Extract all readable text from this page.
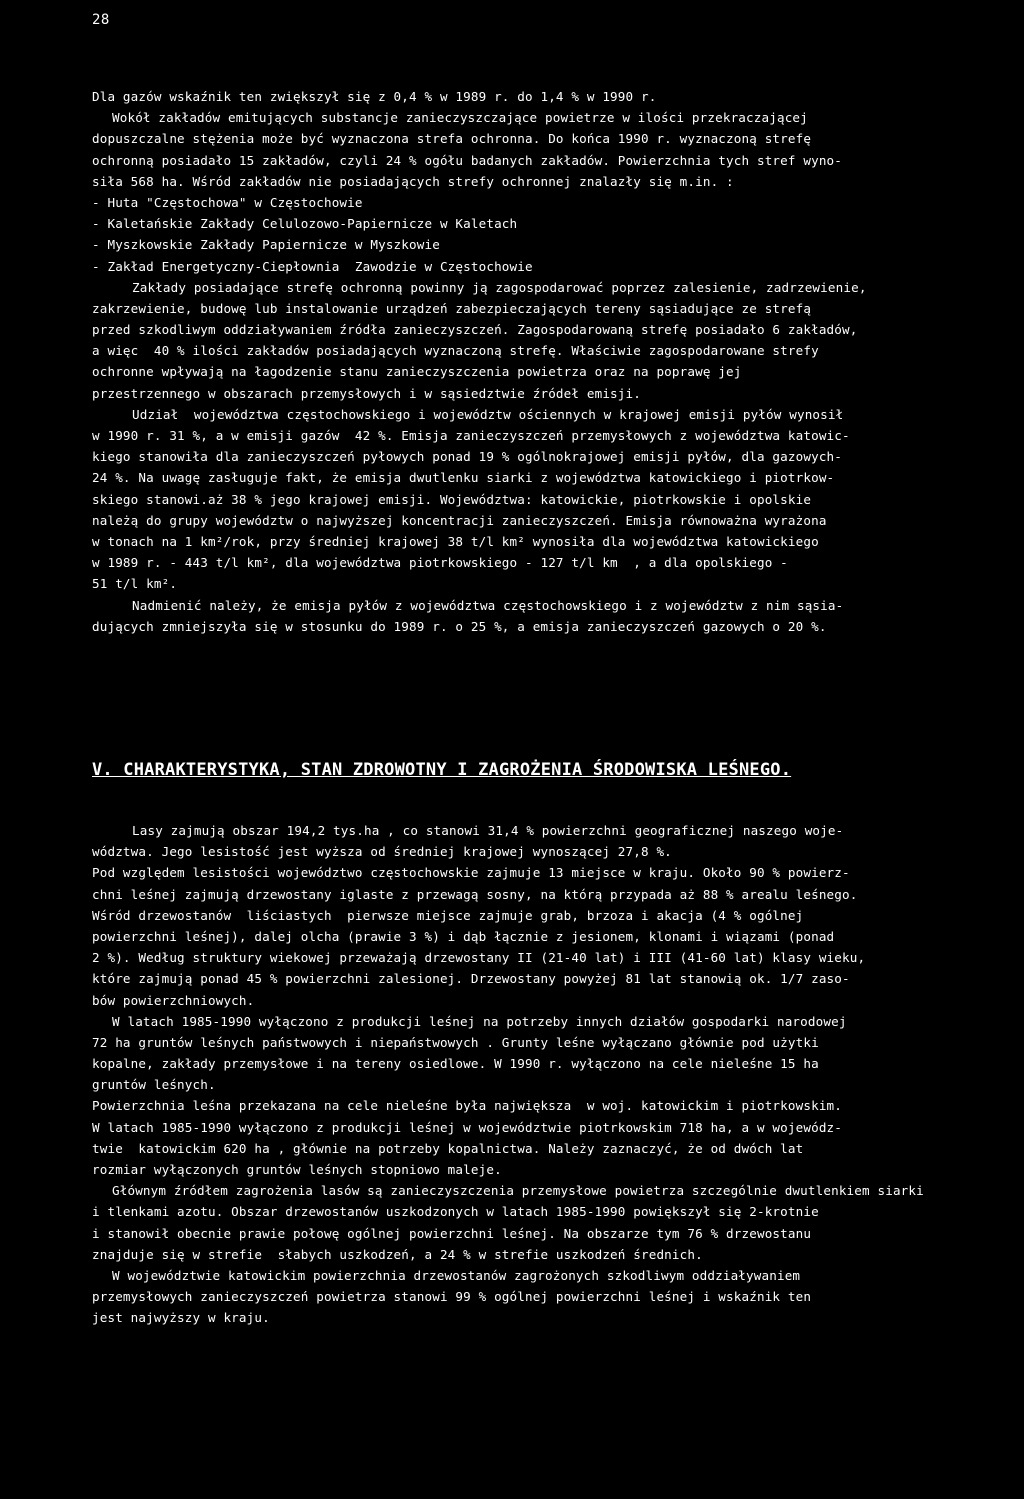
28
Dla gazów wskaźnik ten zwiększył się z 0,4 % w 1989 r. do 1,4 % w 1990 r.
Wokół zakładów emitujących substancje zanieczyszczające powietrze w ilości przekraczającej
dopuszczalne stężenia może być wyznaczona strefa ochronna. Do końca 1990 r. wyznaczoną strefę
ochronną posiadało 15 zakładów, czyli 24 % ogółu badanych zakładów. Powierzchnia tych stref wyno-
siła 568 ha. Wśród zakładów nie posiadających strefy ochronnej znalazły się m.in. :
- Huta "Częstochowa" w Częstochowie
- Kaletańskie Zakłady Celulozowo-Papiernicze w Kaletach
- Myszkowskie Zakłady Papiernicze w Myszkowie
- Zakład Energetyczny-Ciepłownia  Zawodzie w Częstochowie
Zakłady posiadające strefę ochronną powinny ją zagospodarować poprzez zalesienie, zadrzewienie,
zakrzewienie, budowę lub instalowanie urządzeń zabezpieczających tereny sąsiadujące ze strefą
przed szkodliwym oddziaływaniem źródła zanieczyszczeń. Zagospodarowaną strefę posiadało 6 zakładów,
a więc  40 % ilości zakładów posiadających wyznaczoną strefę. Właściwie zagospodarowane strefy
ochronne wpływają na łagodzenie stanu zanieczyszczenia powietrza oraz na poprawę jej
przestrzennego w obszarach przemysłowych i w sąsiedztwie źródeł emisji.
Udział  województwa częstochowskiego i województw ościennych w krajowej emisji pyłów wynosił
w 1990 r. 31 %, a w emisji gazów  42 %. Emisja zanieczyszczeń przemysłowych z województwa katowic-
kiego stanowiła dla zanieczyszczeń pyłowych ponad 19 % ogólnokrajowej emisji pyłów, dla gazowych-
24 %. Na uwagę zasługuje fakt, że emisja dwutlenku siarki z województwa katowickiego i piotrkow-
skiego stanowi.aż 38 % jego krajowej emisji. Województwa: katowickie, piotrkowskie i opolskie
należą do grupy województw o najwyższej koncentracji zanieczyszczeń. Emisja równoważna wyrażona
w tonach na 1 km²/rok, przy średniej krajowej 38 t/l km² wynosiła dla województwa katowickiego
w 1989 r. - 443 t/l km², dla województwa piotrkowskiego - 127 t/l km  , a dla opolskiego -
51 t/l km².
Nadmienić należy, że emisja pyłów z województwa częstochowskiego i z województw z nim sąsia-
dujących zmniejszyła się w stosunku do 1989 r. o 25 %, a emisja zanieczyszczeń gazowych o 20 %.
V. CHARAKTERYSTYKA, STAN ZDROWOTNY I ZAGROŻENIA ŚRODOWISKA LEŚNEGO.
Lasy zajmują obszar 194,2 tys.ha , co stanowi 31,4 % powierzchni geograficznej naszego woje-
wództwa. Jego lesistość jest wyższa od średniej krajowej wynoszącej 27,8 %.
Pod względem lesistości województwo częstochowskie zajmuje 13 miejsce w kraju. Około 90 % powierz-
chni leśnej zajmują drzewostany iglaste z przewagą sosny, na którą przypada aż 88 % arealu leśnego.
Wśród drzewostanów  liściastych  pierwsze miejsce zajmuje grab, brzoza i akacja (4 % ogólnej
powierzchni leśnej), dalej olcha (prawie 3 %) i dąb łącznie z jesionem, klonami i wiązami (ponad
2 %). Według struktury wiekowej przeważają drzewostany II (21-40 lat) i III (41-60 lat) klasy wieku,
które zajmują ponad 45 % powierzchni zalesionej. Drzewostany powyżej 81 lat stanowią ok. 1/7 zaso-
bów powierzchniowych.
W latach 1985-1990 wyłączono z produkcji leśnej na potrzeby innych działów gospodarki narodowej
72 ha gruntów leśnych państwowych i niepaństwowych . Grunty leśne wyłączano głównie pod użytki
kopalne, zakłady przemysłowe i na tereny osiedlowe. W 1990 r. wyłączono na cele nieleśne 15 ha
gruntów leśnych.
Powierzchnia leśna przekazana na cele nieleśne była największa  w woj. katowickim i piotrkowskim.
W latach 1985-1990 wyłączono z produkcji leśnej w województwie piotrkowskim 718 ha, a w wojewódz-
twie  katowickim 620 ha , głównie na potrzeby kopalnictwa. Należy zaznaczyć, że od dwóch lat
rozmiar wyłączonych gruntów leśnych stopniowo maleje.
Głównym źródłem zagrożenia lasów są zanieczyszczenia przemysłowe powietrza szczególnie dwutlenkiem siarki
i tlenkami azotu. Obszar drzewostanów uszkodzonych w latach 1985-1990 powiększył się 2-krotnie
i stanowił obecnie prawie połowę ogólnej powierzchni leśnej. Na obszarze tym 76 % drzewostanu
znajduje się w strefie  słabych uszkodzeń, a 24 % w strefie uszkodzeń średnich.
W województwie katowickim powierzchnia drzewostanów zagrożonych szkodliwym oddziaływaniem
przemysłowych zanieczyszczeń powietrza stanowi 99 % ogólnej powierzchni leśnej i wskaźnik ten
jest najwyższy w kraju.
